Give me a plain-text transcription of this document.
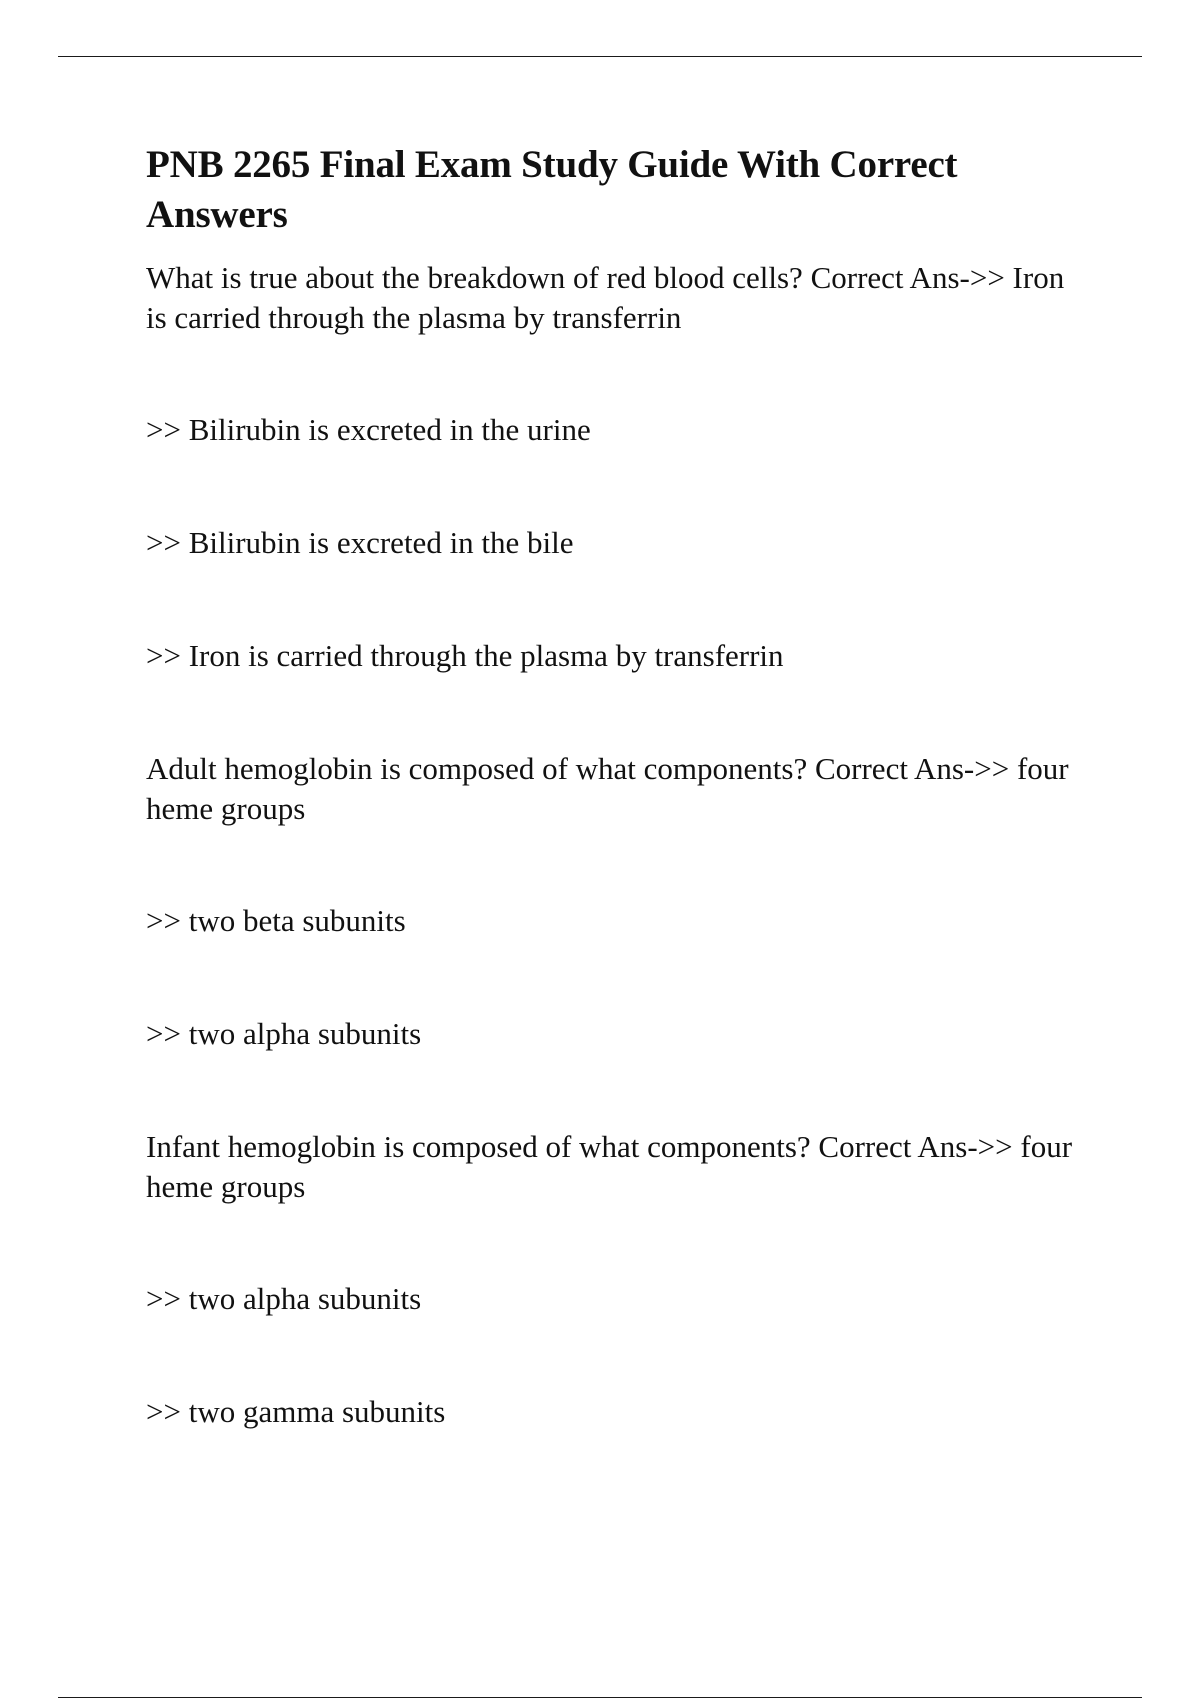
PNB 2265 Final Exam Study Guide With Correct Answers

What is true about the breakdown of red blood cells? Correct Ans->> Iron is carried through the plasma by transferrin

>> Bilirubin is excreted in the urine

>> Bilirubin is excreted in the bile

>> Iron is carried through the plasma by transferrin

Adult hemoglobin is composed of what components? Correct Ans->> four heme groups

>> two beta subunits

>> two alpha subunits

Infant hemoglobin is composed of what components? Correct Ans->> four heme groups

>> two alpha subunits

>> two gamma subunits
